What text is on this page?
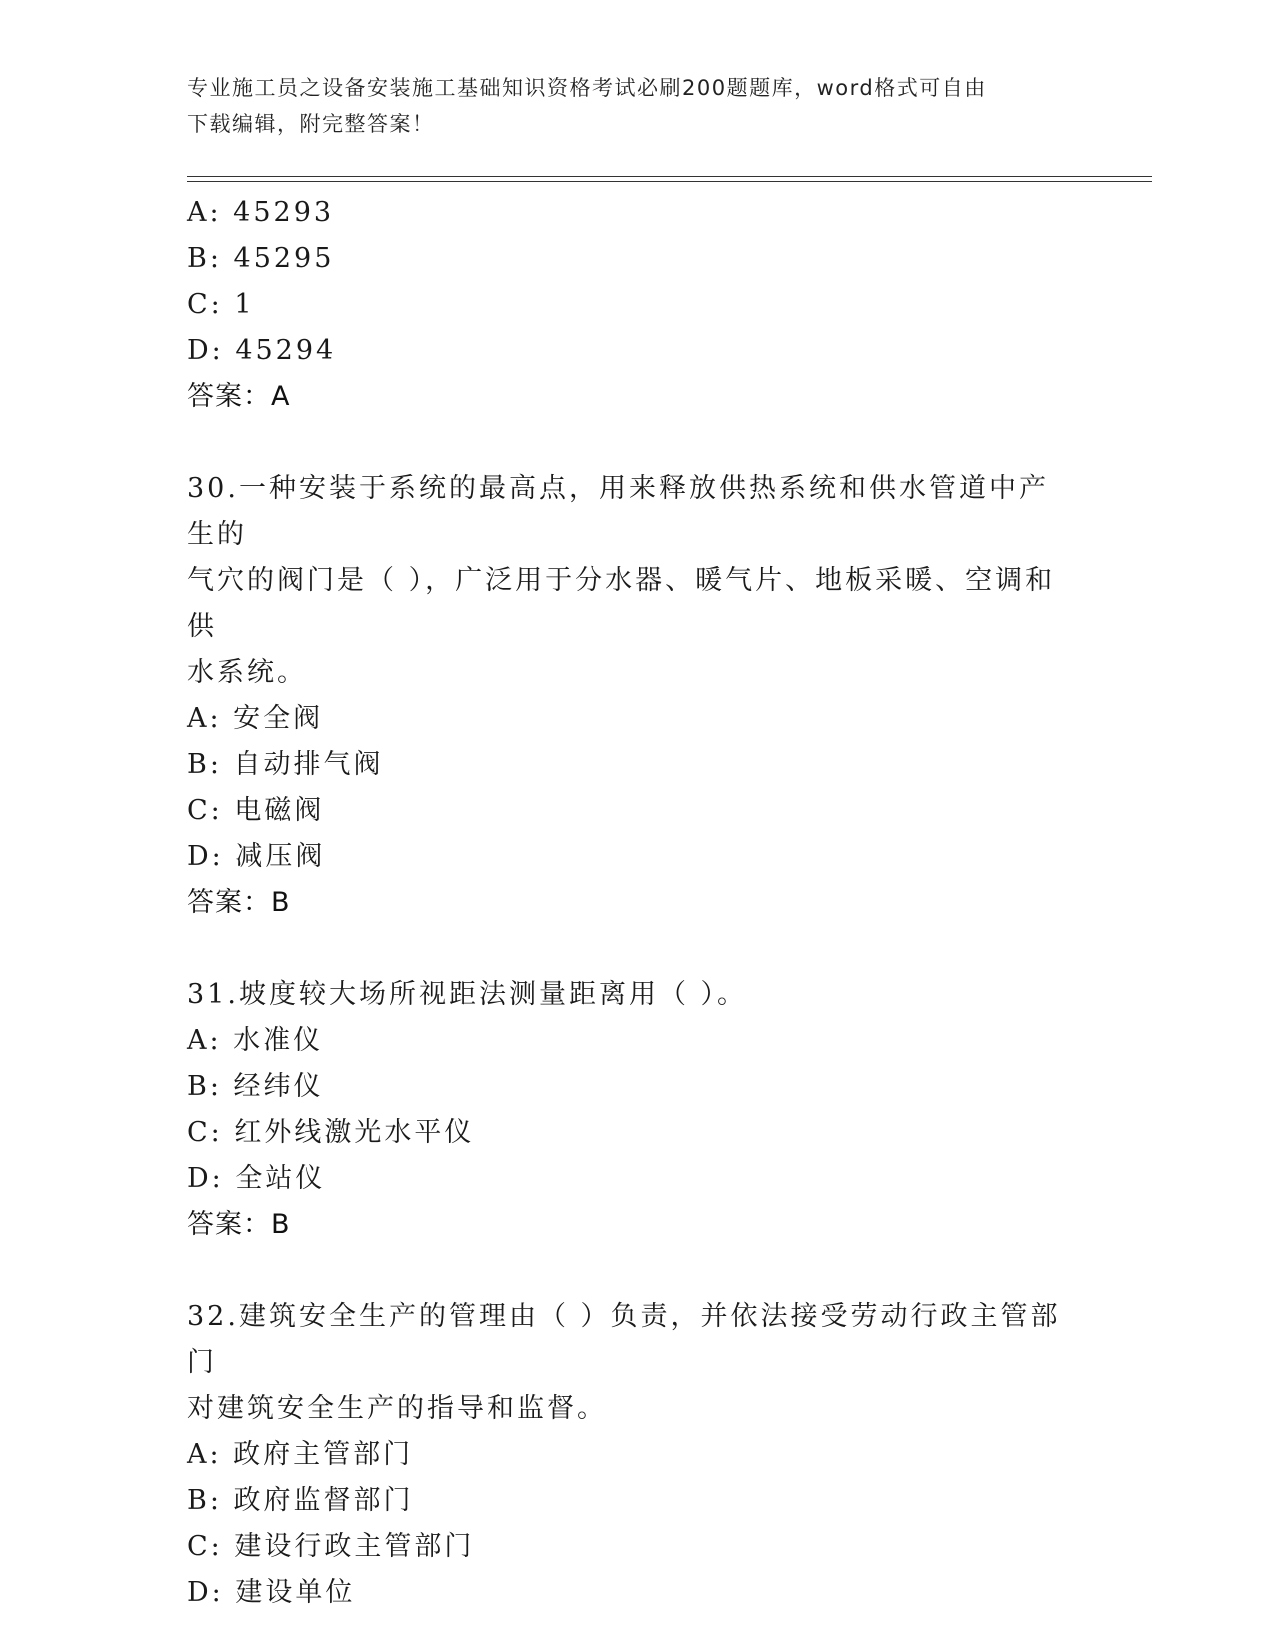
专业施工员之设备安装施工基础知识资格考试必刷200题题库，word格式可自由
下载编辑，附完整答案！
A: 45293
B: 45295
C: 1
D: 45294
答案：A
30.一种安装于系统的最高点，用来释放供热系统和供水管道中产生的
气穴的阀门是（ ），广泛用于分水器、暖气片、地板采暖、空调和供
水系统。
A: 安全阀
B: 自动排气阀
C: 电磁阀
D: 减压阀
答案：B
31.坡度较大场所视距法测量距离用（ ）。
A: 水准仪
B: 经纬仪
C: 红外线激光水平仪
D: 全站仪
答案：B
32.建筑安全生产的管理由（ ）负责，并依法接受劳动行政主管部门
对建筑安全生产的指导和监督。
A: 政府主管部门
B: 政府监督部门
C: 建设行政主管部门
D: 建设单位
